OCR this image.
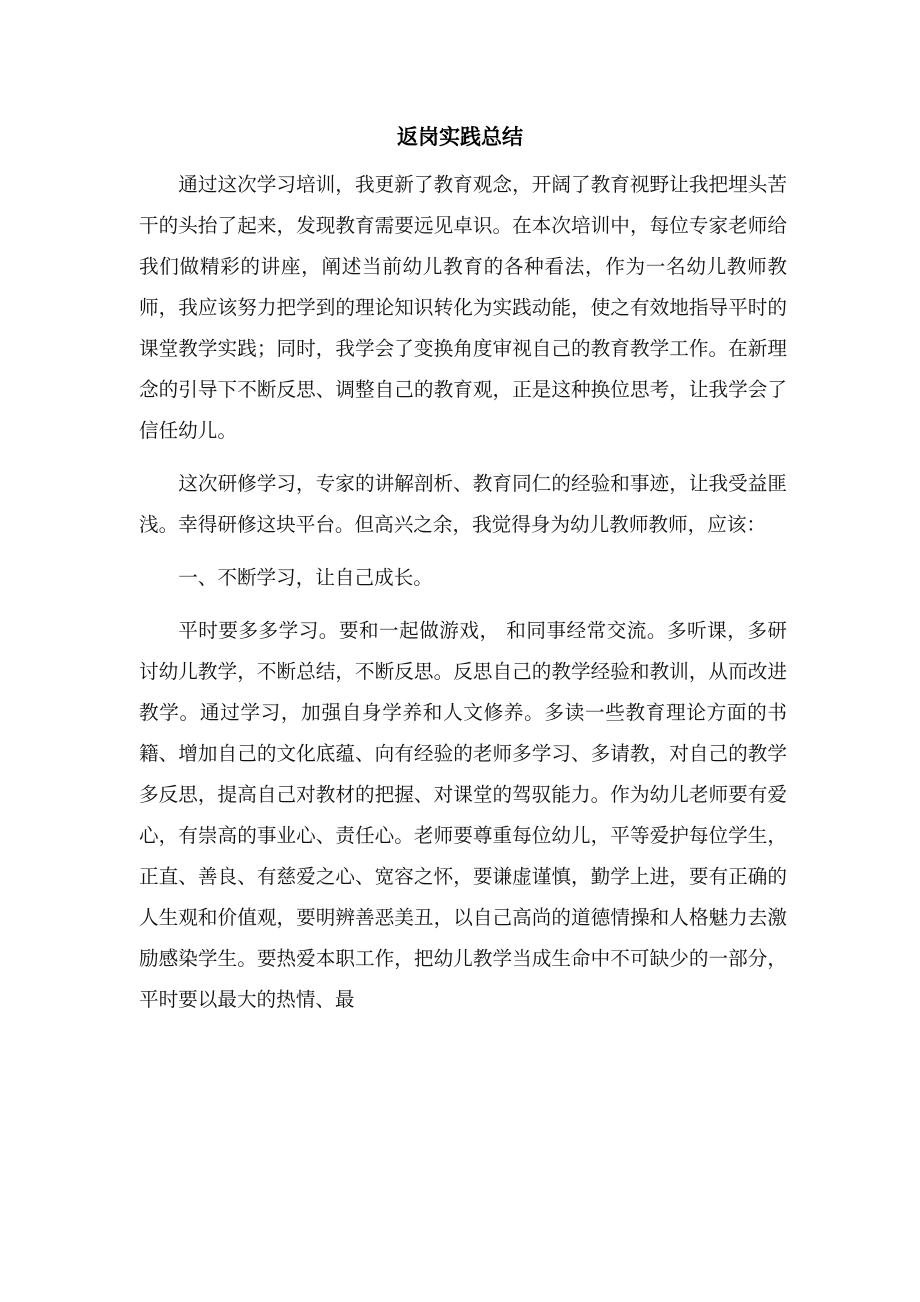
返岗实践总结

通过这次学习培训，我更新了教育观念，开阔了教育视野让我把埋头苦干的头抬了起来，发现教育需要远见卓识。在本次培训中，每位专家老师给我们做精彩的讲座，阐述当前幼儿教育的各种看法，作为一名幼儿教师教师，我应该努力把学到的理论知识转化为实践动能，使之有效地指导平时的课堂教学实践；同时，我学会了变换角度审视自己的教育教学工作。在新理念的引导下不断反思、调整自己的教育观，正是这种换位思考，让我学会了信任幼儿。

这次研修学习，专家的讲解剖析、教育同仁的经验和事迹，让我受益匪浅。幸得研修这块平台。但高兴之余，我觉得身为幼儿教师教师，应该：

一、不断学习，让自己成长。

平时要多多学习。要和一起做游戏， 和同事经常交流。多听课，多研讨幼儿教学，不断总结，不断反思。反思自己的教学经验和教训，从而改进教学。通过学习，加强自身学养和人文修养。多读一些教育理论方面的书籍、增加自己的文化底蕴、向有经验的老师多学习、多请教，对自己的教学多反思，提高自己对教材的把握、对课堂的驾驭能力。作为幼儿老师要有爱心，有崇高的事业心、责任心。老师要尊重每位幼儿，平等爱护每位学生，正直、善良、有慈爱之心、宽容之怀，要谦虚谨慎，勤学上进，要有正确的人生观和价值观，要明辨善恶美丑，以自己高尚的道德情操和人格魅力去激励感染学生。要热爱本职工作，把幼儿教学当成生命中不可缺少的一部分，平时要以最大的热情、最
